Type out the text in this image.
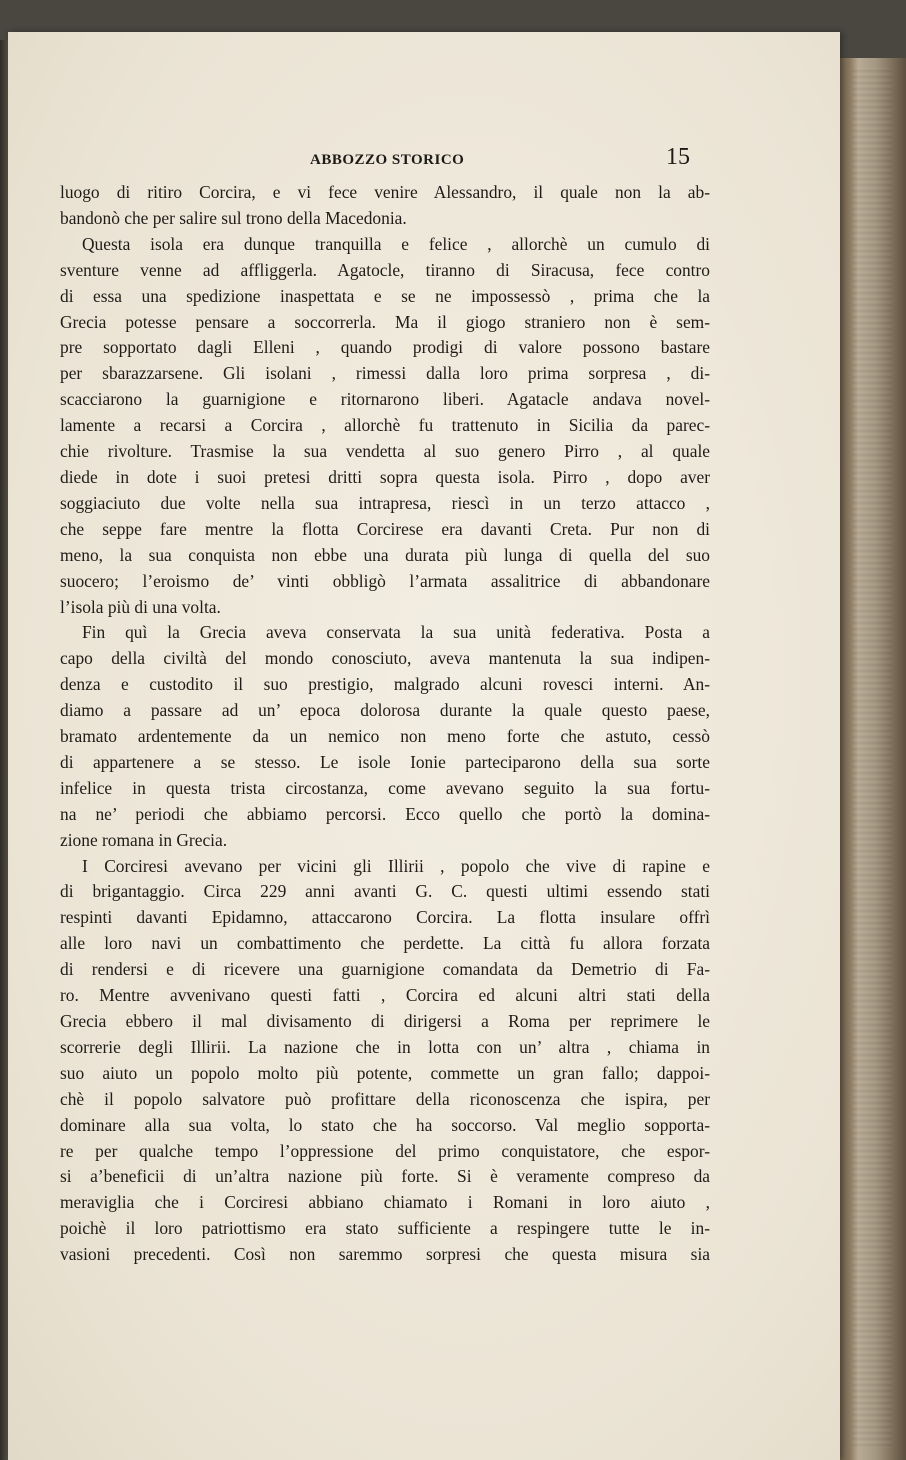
ABBOZZO STORICO	15
luogo di ritiro Corcira, e vi fece venire Alessandro, il quale non la ab-
bandonò che per salire sul trono della Macedonia.
Questa isola era dunque tranquilla e felice , allorchè un cumulo di
sventure venne ad affliggerla. Agatocle, tiranno di Siracusa, fece contro
di essa una spedizione inaspettata e se ne impossessò , prima che la
Grecia potesse pensare a soccorrerla. Ma il giogo straniero non è sem-
pre sopportato dagli Elleni , quando prodigi di valore possono bastare
per sbarazzarsene. Gli isolani , rimessi dalla loro prima sorpresa , di-
scacciarono la guarnigione e ritornarono liberi. Agatacle andava novel-
lamente a recarsi a Corcira , allorchè fu trattenuto in Sicilia da parec-
chie rivolture. Trasmise la sua vendetta al suo genero Pirro , al quale
diede in dote i suoi pretesi dritti sopra questa isola. Pirro , dopo aver
soggiaciuto due volte nella sua intrapresa, riescì in un terzo attacco ,
che seppe fare mentre la flotta Corcirese era davanti Creta. Pur non di
meno, la sua conquista non ebbe una durata più lunga di quella del suo
suocero; l’eroismo de’ vinti obbligò l’armata assalitrice di abbandonare
l’isola più di una volta.
Fin quì la Grecia aveva conservata la sua unità federativa. Posta a
capo della civiltà del mondo conosciuto, aveva mantenuta la sua indipen-
denza e custodito il suo prestigio, malgrado alcuni rovesci interni. An-
diamo a passare ad un’ epoca dolorosa durante la quale questo paese,
bramato ardentemente da un nemico non meno forte che astuto, cessò
di appartenere a se stesso. Le isole Ionie parteciparono della sua sorte
infelice in questa trista circostanza, come avevano seguito la sua fortu-
na ne’ periodi che abbiamo percorsi. Ecco quello che portò la domina-
zione romana in Grecia.
I Corciresi avevano per vicini gli Illirii , popolo che vive di rapine e
di brigantaggio. Circa 229 anni avanti G. C. questi ultimi essendo stati
respinti davanti Epidamno, attaccarono Corcira. La flotta insulare offrì
alle loro navi un combattimento che perdette. La città fu allora forzata
di rendersi e di ricevere una guarnigione comandata da Demetrio di Fa-
ro. Mentre avvenivano questi fatti , Corcira ed alcuni altri stati della
Grecia ebbero il mal divisamento di dirigersi a Roma per reprimere le
scorrerie degli Illirii. La nazione che in lotta con un’ altra , chiama in
suo aiuto un popolo molto più potente, commette un gran fallo; dappoi-
chè il popolo salvatore può profittare della riconoscenza che ispira, per
dominare alla sua volta, lo stato che ha soccorso. Val meglio sopporta-
re per qualche tempo l’oppressione del primo conquistatore, che espor-
si a’beneficii di un’altra nazione più forte. Si è veramente compreso da
meraviglia che i Corciresi abbiano chiamato i Romani in loro aiuto ,
poichè il loro patriottismo era stato sufficiente a respingere tutte le in-
vasioni precedenti. Così non saremmo sorpresi che questa misura sia
